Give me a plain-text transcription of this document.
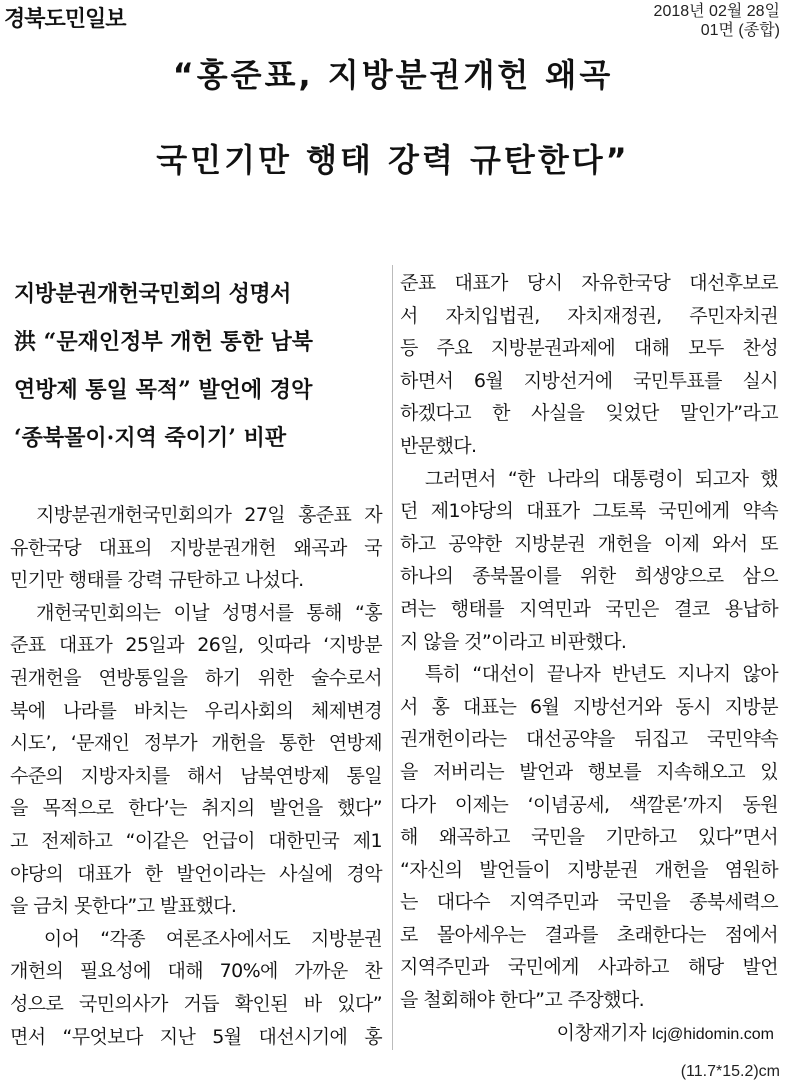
경북도민일보	2018년 02월 28일
01면 (종합)
“홍준표, 지방분권개헌 왜곡
국민기만 행태 강력 규탄한다”
지방분권개헌국민회의 성명서
洪 “문재인정부 개헌 통한 남북
연방제 통일 목적” 발언에 경악
‘종북몰이·지역 죽이기’ 비판
　지방분권개헌국민회의가 27일 홍준표 자
유한국당 대표의 지방분권개헌 왜곡과 국
민기만 행태를 강력 규탄하고 나섰다.
　개헌국민회의는 이날 성명서를 통해 “홍
준표 대표가 25일과 26일, 잇따라 ‘지방분
권개헌을 연방통일을 하기 위한 술수로서
북에 나라를 바치는 우리사회의 체제변경
시도’, ‘문재인 정부가 개헌을 통한 연방제
수준의 지방자치를 해서 남북연방제 통일
을 목적으로 한다’는 취지의 발언을 했다”
고 전제하고 “이같은 언급이 대한민국 제1
야당의 대표가 한 발언이라는 사실에 경악
을 금치 못한다”고 발표했다.
　이어 “각종 여론조사에서도 지방분권
개헌의 필요성에 대해 70%에 가까운 찬
성으로 국민의사가 거듭 확인된 바 있다”
면서 “무엇보다 지난 5월 대선시기에 홍
준표 대표가 당시 자유한국당 대선후보로
서 자치입법권, 자치재정권, 주민자치권
등 주요 지방분권과제에 대해 모두 찬성
하면서 6월 지방선거에 국민투표를 실시
하겠다고 한 사실을 잊었단 말인가”라고
반문했다.
　그러면서 “한 나라의 대통령이 되고자 했
던 제1야당의 대표가 그토록 국민에게 약속
하고 공약한 지방분권 개헌을 이제 와서 또
하나의 종북몰이를 위한 희생양으로 삼으
려는 행태를 지역민과 국민은 결코 용납하
지 않을 것”이라고 비판했다.
　특히 “대선이 끝나자 반년도 지나지 않아
서 홍 대표는 6월 지방선거와 동시 지방분
권개헌이라는 대선공약을 뒤집고 국민약속
을 저버리는 발언과 행보를 지속해오고 있
다가 이제는 ‘이념공세, 색깔론’까지 동원
해 왜곡하고 국민을 기만하고 있다”면서
“자신의 발언들이 지방분권 개헌을 염원하
는 대다수 지역주민과 국민을 종북세력으
로 몰아세우는 결과를 초래한다는 점에서
지역주민과 국민에게 사과하고 해당 발언
을 철회해야 한다”고 주장했다.
이창재기자 lcj@hidomin.com
(11.7*15.2)cm
